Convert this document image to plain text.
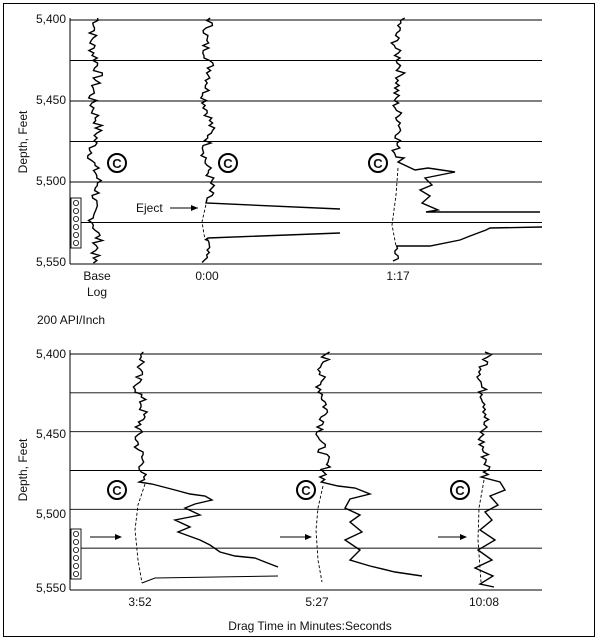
5,400
5,450
5,500
5,550
Depth, Feet	C	C	C
Eject
Base
Log
0:00	1:17
200 API/Inch
5,400
5,450
5,500
5,550
Depth, Feet	C	C	C
3:52	5:27	10:08
Drag Time in Minutes:Seconds
